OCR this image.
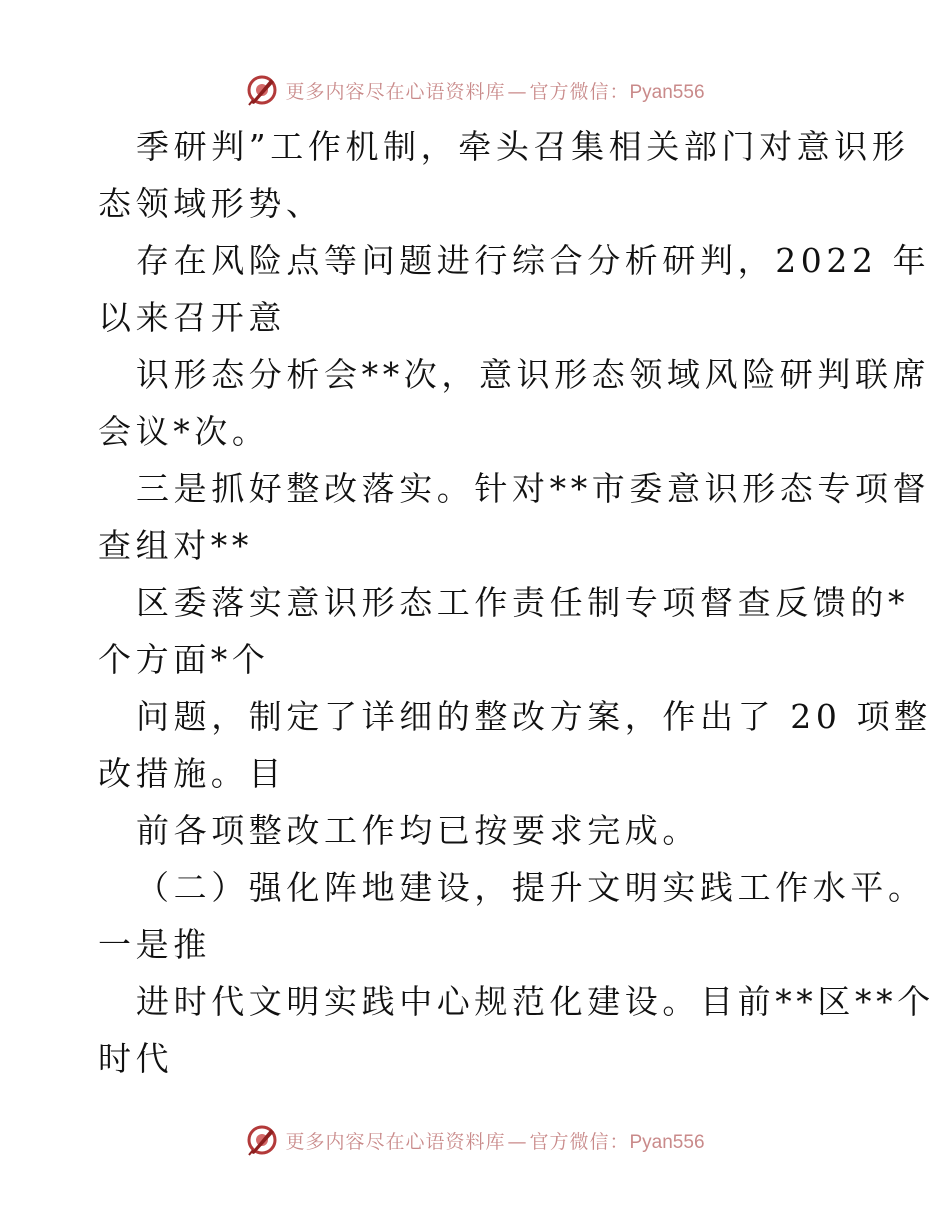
更多内容尽在心语资料库 — 官方微信：Pyan556
季研判”工作机制，牵头召集相关部门对意识形
态领域形势、
存在风险点等问题进行综合分析研判，2022 年
以来召开意
识形态分析会**次，意识形态领域风险研判联席
会议*次。
三是抓好整改落实。针对**市委意识形态专项督
查组对**
区委落实意识形态工作责任制专项督查反馈的*
个方面*个
问题，制定了详细的整改方案，作出了 20 项整
改措施。目
前各项整改工作均已按要求完成。
（二）强化阵地建设，提升文明实践工作水平。
一是推
进时代文明实践中心规范化建设。目前**区**个
时代
更多内容尽在心语资料库 — 官方微信：Pyan556
